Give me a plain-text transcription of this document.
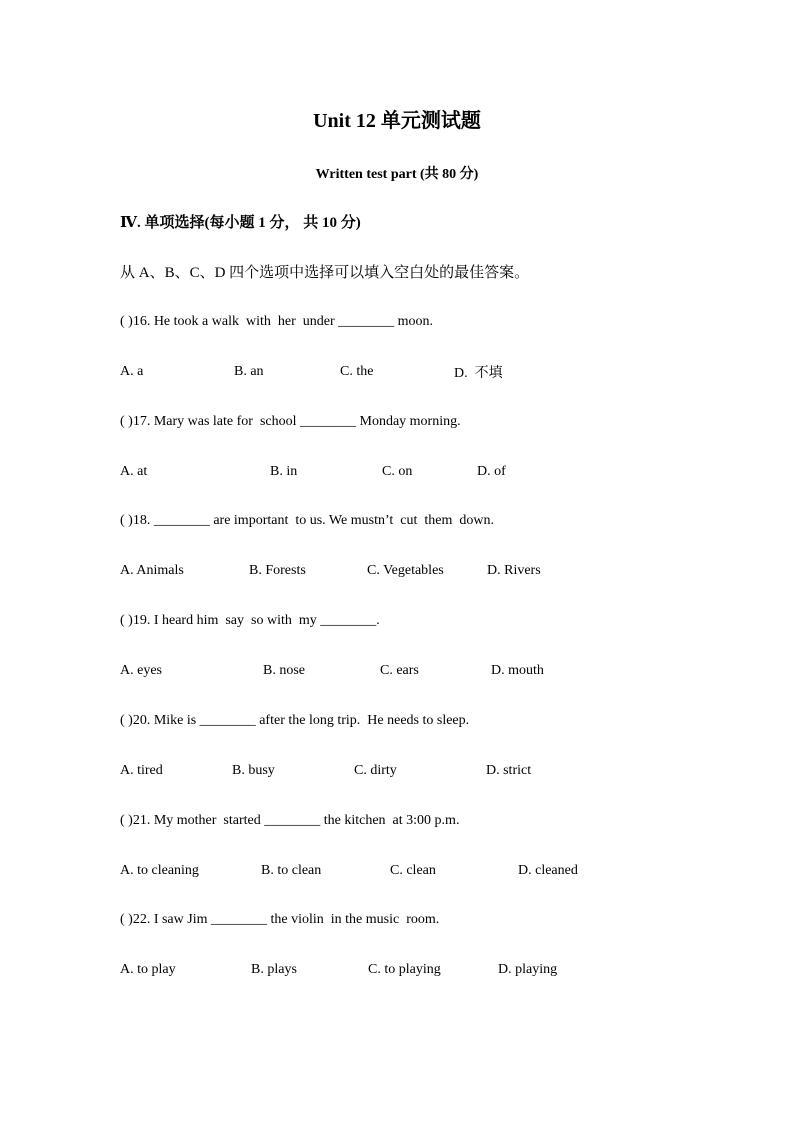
Unit 12 单元测试题
Written test part (共 80 分)
Ⅳ. 单项选择(每小题 1 分， 共 10 分)
从 A、B、C、D 四个选项中选择可以填入空白处的最佳答案。
( )16. He took a walk  with  her  under ________ moon.
A. a	B. an	C. the	D.  不填
( )17. Mary was late for  school ________ Monday morning.
A. at	B. in	C. on	D. of
( )18. ________ are important  to us. We mustn’t  cut  them  down.
A. Animals	B. Forests	C. Vegetables	D. Rivers
( )19. I heard him  say  so with  my ________.
A. eyes	B. nose	C. ears	D. mouth
( )20. Mike is ________ after the long trip.  He needs to sleep.
A. tired	B. busy	C. dirty	D. strict
( )21. My mother  started ________ the kitchen  at 3:00 p.m.
A. to cleaning	B. to clean	C. clean	D. cleaned
( )22. I saw Jim ________ the violin  in the music  room.
A. to play	B. plays	C. to playing	D. playing
